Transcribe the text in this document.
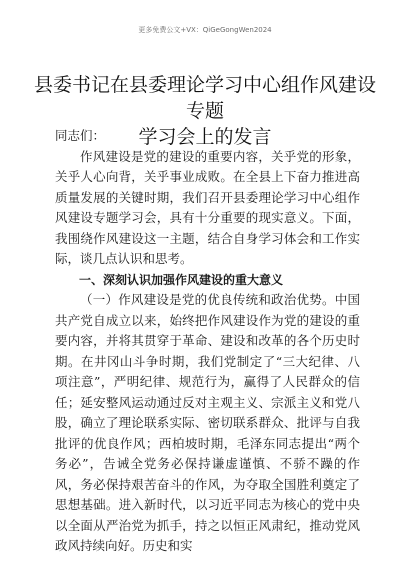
更多免费公文+VX：QiGeGongWen2024
县委书记在县委理论学习中心组作风建设专题
学习会上的发言

同志们：

作风建设是党的建设的重要内容，关乎党的形象，关乎人心向背，关乎事业成败。在全县上下奋力推进高质量发展的关键时期，我们召开县委理论学习中心组作风建设专题学习会，具有十分重要的现实意义。下面，我围绕作风建设这一主题，结合自身学习体会和工作实际，谈几点认识和思考。

一、深刻认识加强作风建设的重大意义

（一）作风建设是党的优良传统和政治优势。中国共产党自成立以来，始终把作风建设作为党的建设的重要内容，并将其贯穿于革命、建设和改革的各个历史时期。在井冈山斗争时期，我们党制定了“三大纪律、八项注意”，严明纪律、规范行为，赢得了人民群众的信任；延安整风运动通过反对主观主义、宗派主义和党八股，确立了理论联系实际、密切联系群众、批评与自我批评的优良作风；西柏坡时期，毛泽东同志提出“两个务必”，告诫全党务必保持谦虚谨慎、不骄不躁的作风，务必保持艰苦奋斗的作风，为夺取全国胜利奠定了思想基础。进入新时代，以习近平同志为核心的党中央以全面从严治党为抓手，持之以恒正风肃纪，推动党风政风持续向好。历史和实
